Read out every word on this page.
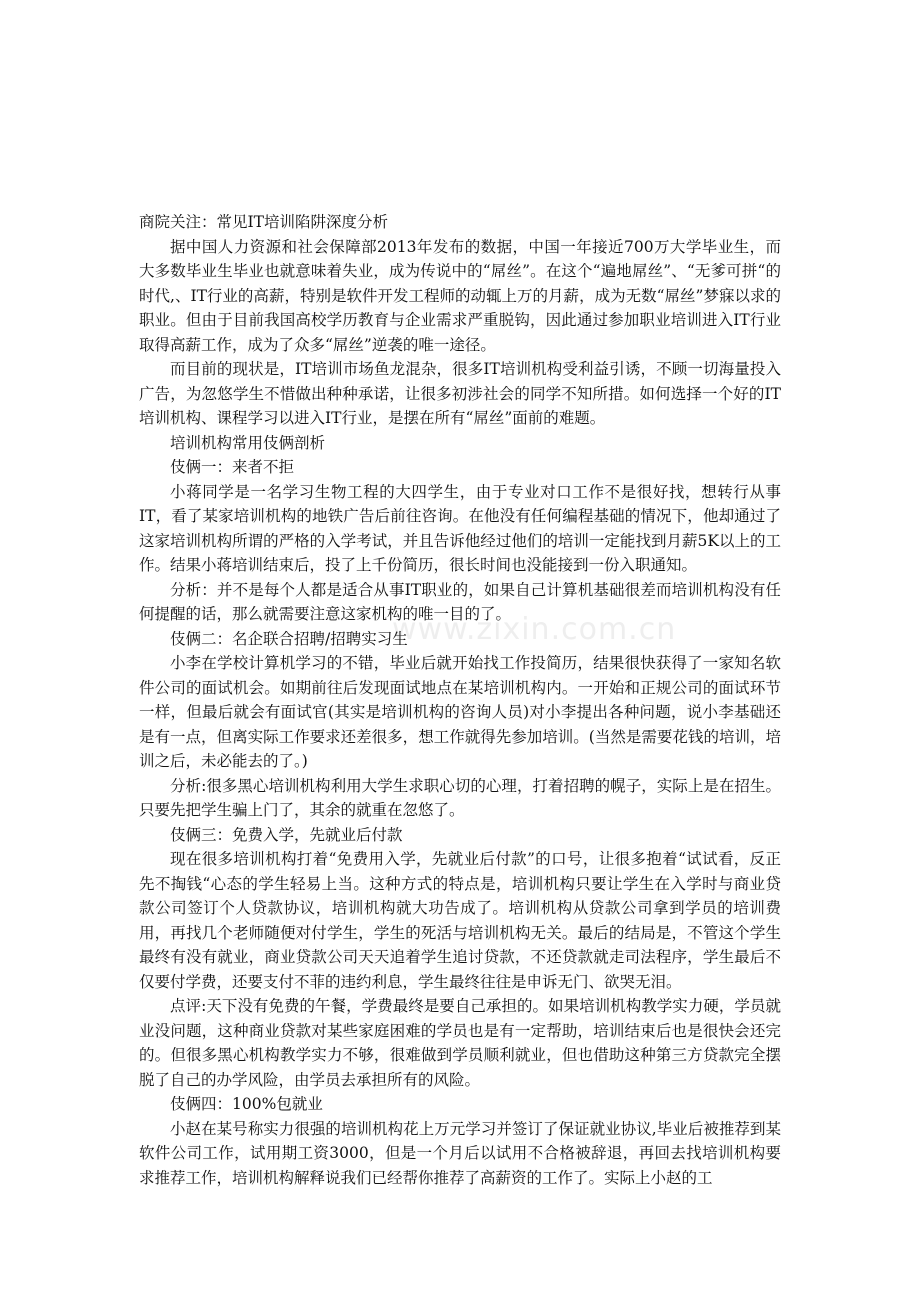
商院关注：常见IT培训陷阱深度分析

据中国人力资源和社会保障部2013年发布的数据，中国一年接近700万大学毕业生，而大多数毕业生毕业也就意味着失业，成为传说中的“屌丝”。在这个“遍地屌丝”、“无爹可拼“的时代,、IT行业的高薪，特别是软件开发工程师的动辄上万的月薪，成为无数“屌丝”梦寐以求的职业。但由于目前我国高校学历教育与企业需求严重脱钩，因此通过参加职业培训进入IT行业取得高薪工作，成为了众多“屌丝”逆袭的唯一途径。

而目前的现状是，IT培训市场鱼龙混杂，很多IT培训机构受利益引诱，不顾一切海量投入广告，为忽悠学生不惜做出种种承诺，让很多初涉社会的同学不知所措。如何选择一个好的IT培训机构、课程学习以进入IT行业，是摆在所有“屌丝”面前的难题。

培训机构常用伎俩剖析

伎俩一：来者不拒

小蒋同学是一名学习生物工程的大四学生，由于专业对口工作不是很好找，想转行从事IT，看了某家培训机构的地铁广告后前往咨询。在他没有任何编程基础的情况下，他却通过了这家培训机构所谓的严格的入学考试，并且告诉他经过他们的培训一定能找到月薪5K以上的工作。结果小蒋培训结束后，投了上千份简历，很长时间也没能接到一份入职通知。

分析：并不是每个人都是适合从事IT职业的，如果自己计算机基础很差而培训机构没有任何提醒的话，那么就需要注意这家机构的唯一目的了。

伎俩二：名企联合招聘/招聘实习生

小李在学校计算机学习的不错，毕业后就开始找工作投简历，结果很快获得了一家知名软件公司的面试机会。如期前往后发现面试地点在某培训机构内。一开始和正规公司的面试环节一样，但最后就会有面试官(其实是培训机构的咨询人员)对小李提出各种问题，说小李基础还是有一点，但离实际工作要求还差很多，想工作就得先参加培训。(当然是需要花钱的培训，培训之后，未必能去的了。)

分析:很多黑心培训机构利用大学生求职心切的心理，打着招聘的幌子，实际上是在招生。只要先把学生骗上门了，其余的就重在忽悠了。

伎俩三：免费入学，先就业后付款

现在很多培训机构打着“免费用入学，先就业后付款”的口号，让很多抱着“试试看，反正先不掏钱“心态的学生轻易上当。这种方式的特点是，培训机构只要让学生在入学时与商业贷款公司签订个人贷款协议，培训机构就大功告成了。培训机构从贷款公司拿到学员的培训费用，再找几个老师随便对付学生，学生的死活与培训机构无关。最后的结局是，不管这个学生最终有没有就业，商业贷款公司天天追着学生追讨贷款，不还贷款就走司法程序，学生最后不仅要付学费，还要支付不菲的违约利息，学生最终往往是申诉无门、欲哭无泪。

点评:天下没有免费的午餐，学费最终是要自己承担的。如果培训机构教学实力硬，学员就业没问题，这种商业贷款对某些家庭困难的学员也是有一定帮助，培训结束后也是很快会还完的。但很多黑心机构教学实力不够，很难做到学员顺利就业，但也借助这种第三方贷款完全摆脱了自己的办学风险，由学员去承担所有的风险。

伎俩四：100%包就业

小赵在某号称实力很强的培训机构花上万元学习并签订了保证就业协议,毕业后被推荐到某软件公司工作，试用期工资3000，但是一个月后以试用不合格被辞退，再回去找培训机构要求推荐工作，培训机构解释说我们已经帮你推荐了高薪资的工作了。实际上小赵的工

www.zixin.com.cn
